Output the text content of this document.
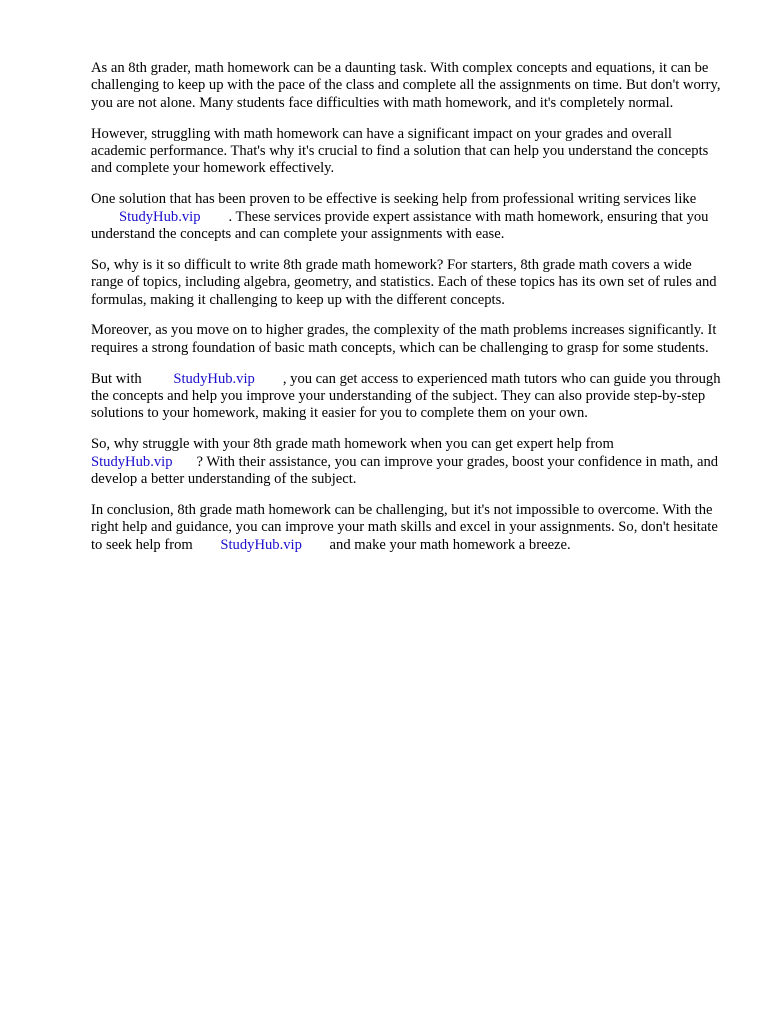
As an 8th grader, math homework can be a daunting task. With complex concepts and equations, it can be challenging to keep up with the pace of the class and complete all the assignments on time. But don't worry, you are not alone. Many students face difficulties with math homework, and it's completely normal.

However, struggling with math homework can have a significant impact on your grades and overall academic performance. That's why it's crucial to find a solution that can help you understand the concepts and complete your homework effectively.

One solution that has been proven to be effective is seeking help from professional writing services like StudyHub.vip . These services provide expert assistance with math homework, ensuring that you understand the concepts and can complete your assignments with ease.

So, why is it so difficult to write 8th grade math homework? For starters, 8th grade math covers a wide range of topics, including algebra, geometry, and statistics. Each of these topics has its own set of rules and formulas, making it challenging to keep up with the different concepts.

Moreover, as you move on to higher grades, the complexity of the math problems increases significantly. It requires a strong foundation of basic math concepts, which can be challenging to grasp for some students.

But with StudyHub.vip , you can get access to experienced math tutors who can guide you through the concepts and help you improve your understanding of the subject. They can also provide step-by-step solutions to your homework, making it easier for you to complete them on your own.

So, why struggle with your 8th grade math homework when you can get expert help from StudyHub.vip ? With their assistance, you can improve your grades, boost your confidence in math, and develop a better understanding of the subject.

In conclusion, 8th grade math homework can be challenging, but it's not impossible to overcome. With the right help and guidance, you can improve your math skills and excel in your assignments. So, don't hesitate to seek help from StudyHub.vip and make your math homework a breeze.
